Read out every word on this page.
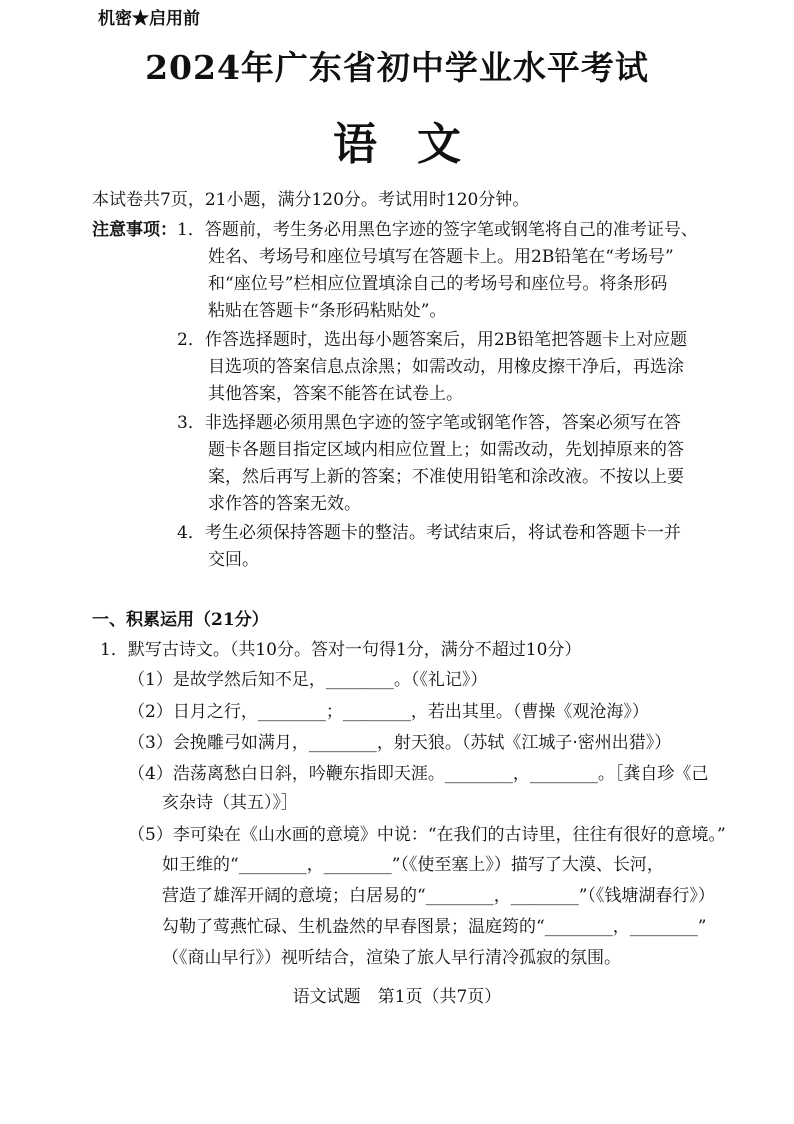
机密★启用前
2024年广东省初中学业水平考试
语文
本试卷共7页，21小题，满分120分。考试用时120分钟。
注意事项： 1．答题前，考生务必用黑色字迹的签字笔或钢笔将自己的准考证号、
姓名、考场号和座位号填写在答题卡上。用2B铅笔在“考场号”
和“座位号”栏相应位置填涂自己的考场号和座位号。将条形码
粘贴在答题卡“条形码粘贴处”。
2．作答选择题时，选出每小题答案后，用2B铅笔把答题卡上对应题
目选项的答案信息点涂黑；如需改动，用橡皮擦干净后，再选涂
其他答案，答案不能答在试卷上。
3．非选择题必须用黑色字迹的签字笔或钢笔作答，答案必须写在答
题卡各题目指定区域内相应位置上；如需改动，先划掉原来的答
案，然后再写上新的答案；不准使用铅笔和涂改液。不按以上要
求作答的答案无效。
4．考生必须保持答题卡的整洁。考试结束后，将试卷和答题卡一并
交回。
一、积累运用（21分）
1．默写古诗文。（共10分。答对一句得1分，满分不超过10分）
（1）是故学然后知不足，________。（《礼记》）
（2）日月之行，________；________，若出其里。（曹操《观沧海》）
（3）会挽雕弓如满月，________，射天狼。（苏轼《江城子·密州出猎》）
（4）浩荡离愁白日斜，吟鞭东指即天涯。________，________。［龚自珍《己
亥杂诗（其五）》］
（5）李可染在《山水画的意境》中说：“在我们的古诗里，往往有很好的意境。”
如王维的“________，________”（《使至塞上》）描写了大漠、长河，
营造了雄浑开阔的意境；白居易的“________，________”（《钱塘湖春行》）
勾勒了莺燕忙碌、生机盎然的早春图景；温庭筠的“________，________”
（《商山早行》）视听结合，渲染了旅人早行清冷孤寂的氛围。
语文试题　第1页（共7页）
